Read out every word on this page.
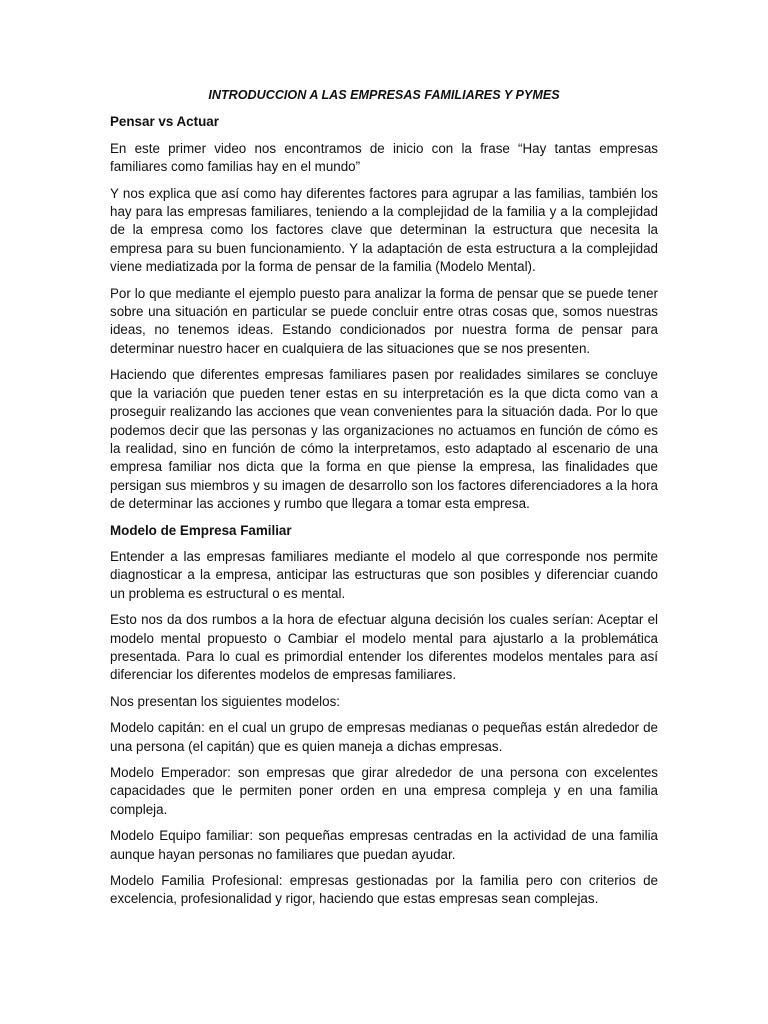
INTRODUCCION A LAS EMPRESAS FAMILIARES Y PYMES
Pensar vs Actuar
En este primer video nos encontramos de inicio con la frase “Hay tantas empresas familiares como familias hay en el mundo”
Y nos explica que así como hay diferentes factores para agrupar a las familias, también los hay para las empresas familiares, teniendo a la complejidad de la familia y a la complejidad de la empresa como los factores clave que determinan la estructura que necesita la empresa para su buen funcionamiento. Y la adaptación de esta estructura a la complejidad viene mediatizada por la forma de pensar de la familia (Modelo Mental).
Por lo que mediante el ejemplo puesto para analizar la forma de pensar que se puede tener sobre una situación en particular se puede concluir entre otras cosas que, somos nuestras ideas, no tenemos ideas. Estando condicionados por nuestra forma de pensar para determinar nuestro hacer en cualquiera de las situaciones que se nos presenten.
Haciendo que diferentes empresas familiares pasen por realidades similares se concluye que la variación que pueden tener estas en su interpretación es la que dicta como van a proseguir realizando las acciones que vean convenientes para la situación dada. Por lo que podemos decir que las personas y las organizaciones no actuamos en función de cómo es la realidad, sino en función de cómo la interpretamos, esto adaptado al escenario de una empresa familiar nos dicta que la forma en que piense la empresa, las finalidades que persigan sus miembros y su imagen de desarrollo son los factores diferenciadores a la hora de determinar las acciones y rumbo que llegara a tomar esta empresa.
Modelo de Empresa Familiar
Entender a las empresas familiares mediante el modelo al que corresponde nos permite diagnosticar a la empresa, anticipar las estructuras que son posibles y diferenciar cuando un problema es estructural o es mental.
Esto nos da dos rumbos a la hora de efectuar alguna decisión los cuales serían: Aceptar el modelo mental propuesto o Cambiar el modelo mental para ajustarlo a la problemática presentada. Para lo cual es primordial entender los diferentes modelos mentales para así diferenciar los diferentes modelos de empresas familiares.
Nos presentan los siguientes modelos:
Modelo capitán: en el cual un grupo de empresas medianas o pequeñas están alrededor de una persona (el capitán) que es quien maneja a dichas empresas.
Modelo Emperador: son empresas que girar alrededor de una persona con excelentes capacidades que le permiten poner orden en una empresa compleja y en una familia compleja.
Modelo Equipo familiar: son pequeñas empresas centradas en la actividad de una familia aunque hayan personas no familiares que puedan ayudar.
Modelo Familia Profesional: empresas gestionadas por la familia pero con criterios de excelencia, profesionalidad y rigor, haciendo que estas empresas sean complejas.
